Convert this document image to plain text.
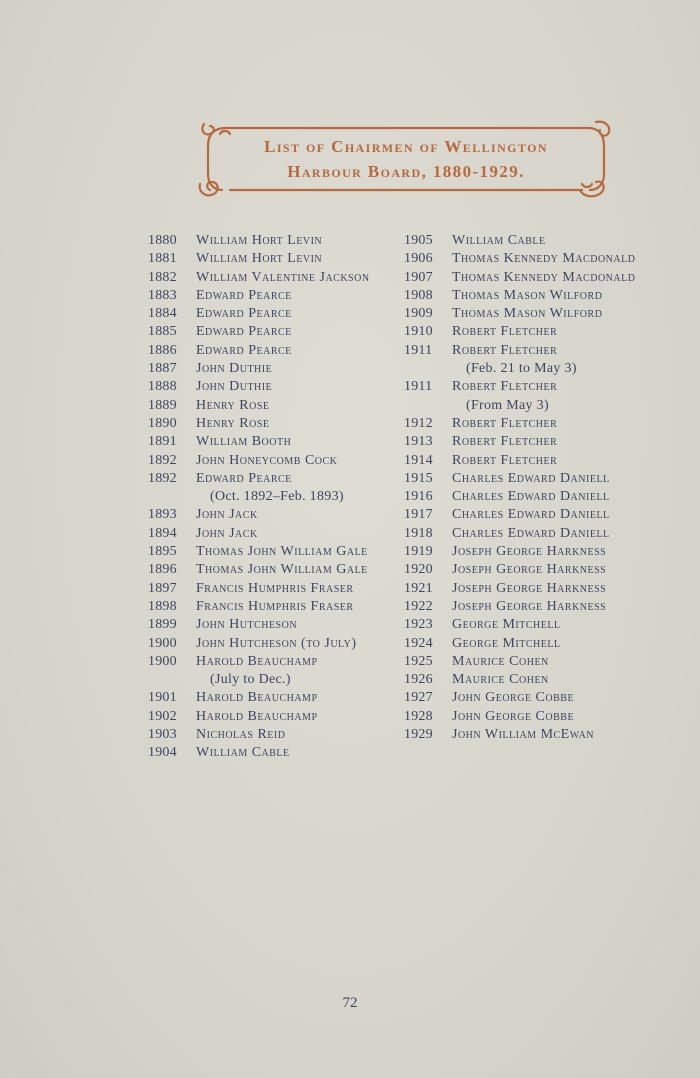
List of Chairmen of Wellington
Harbour Board, 1880-1929.
1880	William Hort Levin
1881	William Hort Levin
1882	William Valentine Jackson
1883	Edward Pearce
1884	Edward Pearce
1885	Edward Pearce
1886	Edward Pearce
1887	John Duthie
1888	John Duthie
1889	Henry Rose
1890	Henry Rose
1891	William Booth
1892	John Honeycomb Cock
1892	Edward Pearce
(Oct. 1892–Feb. 1893)
1893	John Jack
1894	John Jack
1895	Thomas John William Gale
1896	Thomas John William Gale
1897	Francis Humphris Fraser
1898	Francis Humphris Fraser
1899	John Hutcheson
1900	John Hutcheson (to July)
1900	Harold Beauchamp
(July to Dec.)
1901	Harold Beauchamp
1902	Harold Beauchamp
1903	Nicholas Reid
1904	William Cable
1905	William Cable
1906	Thomas Kennedy Macdonald
1907	Thomas Kennedy Macdonald
1908	Thomas Mason Wilford
1909	Thomas Mason Wilford
1910	Robert Fletcher
1911	Robert Fletcher
(Feb. 21 to May 3)
1911	Robert Fletcher
(From May 3)
1912	Robert Fletcher
1913	Robert Fletcher
1914	Robert Fletcher
1915	Charles Edward Daniell
1916	Charles Edward Daniell
1917	Charles Edward Daniell
1918	Charles Edward Daniell
1919	Joseph George Harkness
1920	Joseph George Harkness
1921	Joseph George Harkness
1922	Joseph George Harkness
1923	George Mitchell
1924	George Mitchell
1925	Maurice Cohen
1926	Maurice Cohen
1927	John George Cobbe
1928	John George Cobbe
1929	John William McEwan
72
